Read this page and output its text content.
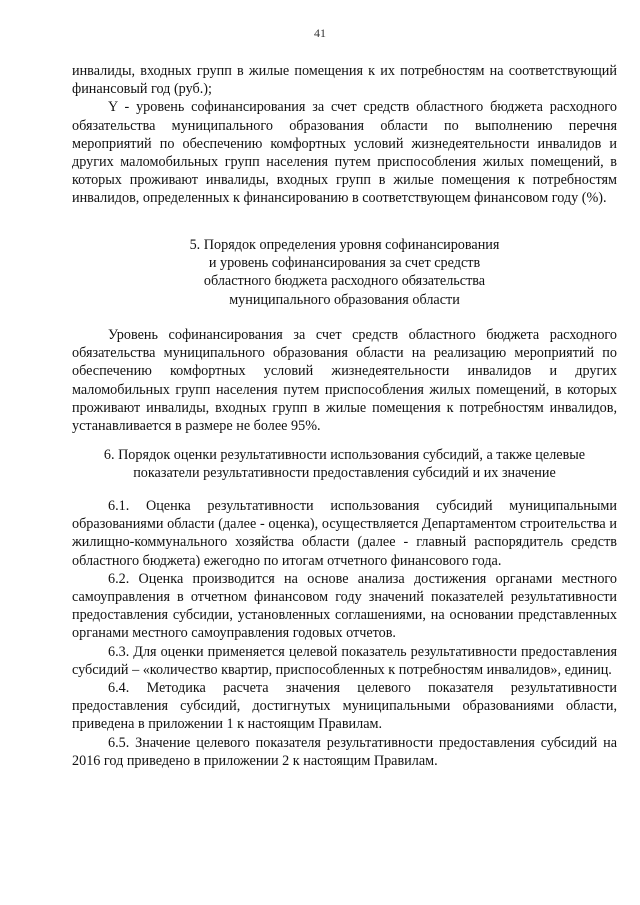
41

инвалиды, входных групп в жилые помещения к их потребностям на соответствующий финансовый год (руб.);

Y - уровень софинансирования за счет средств областного бюджета расходного обязательства муниципального образования области по выполнению перечня мероприятий по обеспечению комфортных условий жизнедеятельности инвалидов и других маломобильных групп населения путем приспособления жилых помещений, в которых проживают инвалиды, входных групп в жилые помещения к потребностям инвалидов, определенных к финансированию в соответствующем финансовом году (%).

5. Порядок определения уровня софинансирования
и уровень софинансирования за счет средств
областного бюджета расходного обязательства
муниципального образования области

Уровень софинансирования за счет средств областного бюджета расходного обязательства муниципального образования области на реализацию мероприятий по обеспечению комфортных условий жизнедеятельности инвалидов и других маломобильных групп населения путем приспособления жилых помещений, в которых проживают инвалиды, входных групп в жилые помещения к потребностям инвалидов, устанавливается в размере не более 95%.

6. Порядок оценки результативности использования субсидий, а также целевые
показатели результативности предоставления субсидий и их значение

6.1. Оценка результативности использования субсидий муниципальными образованиями области (далее - оценка), осуществляется Департаментом строительства и жилищно-коммунального хозяйства области (далее - главный распорядитель средств областного бюджета) ежегодно по итогам отчетного финансового года.

6.2. Оценка производится на основе анализа достижения органами местного самоуправления в отчетном финансовом году значений показателей результативности предоставления субсидии, установленных соглашениями, на основании представленных органами местного самоуправления годовых отчетов.

6.3. Для оценки применяется целевой показатель результативности предоставления субсидий – «количество квартир, приспособленных к потребностям инвалидов», единиц.

6.4. Методика расчета значения целевого показателя результативности предоставления субсидий, достигнутых муниципальными образованиями области, приведена в приложении 1 к настоящим Правилам.

6.5. Значение целевого показателя результативности предоставления субсидий на 2016 год приведено в приложении 2 к настоящим Правилам.
